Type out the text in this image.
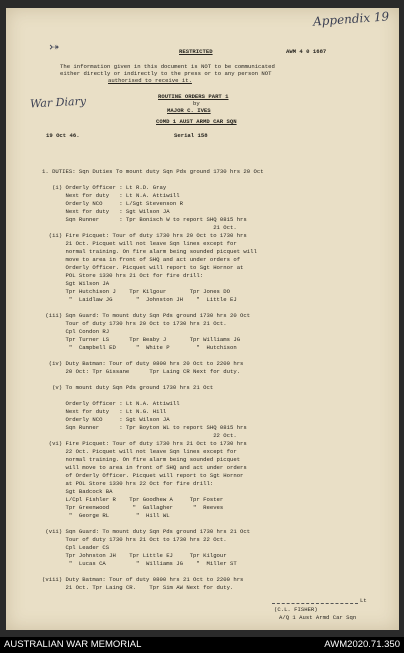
Appendix 19
War Diary
⤐	RESTRICTED	AWM 4 0 1687
The information given in this document is NOT to be communicated
either directly or indirectly to the press or to any person NOT
authorised to receive it.
ROUTINE ORDERS PART 1
by
MAJOR C. IVES
COMD 1 AUST ARMD CAR SQN
19 Oct 46.	Serial 158
1. DUTIES: Sqn Duties To mount duty Sqn Pds ground 1730 hrs 20 Oct
(i) Orderly Officer : Lt R.D. Gray
Next for duty   : Lt N.A. Attiwill
Orderly NCO     : L/Sgt Stevenson R
Next for duty   : Sgt Wilson JA
Sqn Runner      : Tpr Bonisch W to report SHQ 0815 hrs
21 Oct.
(ii) Fire Picquet: Tour of duty 1730 hrs 20 Oct to 1730 hrs
21 Oct. Picquet will not leave Sqn lines except for
normal training. On fire alarm being sounded picquet will
move to area in front of SHQ and act under orders of
Orderly Officer. Picquet will report to Sgt Hornor at
POL Store 1330 hrs 21 Oct for fire drill:
Sgt Wilson JA
Tpr Hutchison J    Tpr Kilgour       Tpr Jones DO
"  Laidlaw JG       "  Johnston JH    "  Little EJ
(iii) Sqn Guard: To mount duty Sqn Pds ground 1730 hrs 20 Oct
Tour of duty 1730 hrs 20 Oct to 1730 hrs 21 Oct.
Cpl Condon RJ
Tpr Turner LS      Tpr Beaby J       Tpr Williams JG
"  Campbell ED      "  White P        "  Hutchison
(iv) Duty Batman: Tour of duty 0800 hrs 20 Oct to 2200 hrs
20 Oct: Tpr Gissane      Tpr Laing CR Next for duty.
(v) To mount duty Sqn Pds ground 1730 hrs 21 Oct
Orderly Officer : Lt N.A. Attiwill
Next for duty   : Lt N.G. Hill
Orderly NCO     : Sgt Wilson JA
Sqn Runner      : Tpr Boyton WL to report SHQ 0815 hrs
22 Oct.
(vi) Fire Picquet: Tour of duty 1730 hrs 21 Oct to 1730 hrs
22 Oct. Picquet will not leave Sqn lines except for
normal training. On fire alarm being sounded picquet
will move to area in front of SHQ and act under orders
of Orderly Officer. Picquet will report to Sgt Hornor
at POL Store 1330 hrs 22 Oct for fire drill:
Sgt Badcock BA
L/Cpl Fishler R    Tpr Goodhew A     Tpr Foster
Tpr Greenwood       "  Gallagher      "  Reeves
"  George RL        "  Hill WL
(vii) Sqn Guard: To mount duty Sqn Pds ground 1730 hrs 21 Oct
Tour of duty 1730 hrs 21 Oct to 1730 hrs 22 Oct.
Cpl Leader CS
Tpr Johnston JH    Tpr Little EJ     Tpr Kilgour
"  Lucas CA         "  Williams JG    "  Miller ST
(viii) Duty Batman: Tour of duty 0800 hrs 21 Oct to 2200 hrs
21 Oct. Tpr Laing CR.    Tpr Sim AW Next for duty.
Lt
(C.L. FISHER)
A/Q 1 Aust Armd Car Sqn
AUSTRALIAN WAR MEMORIAL	AWM2020.71.350
